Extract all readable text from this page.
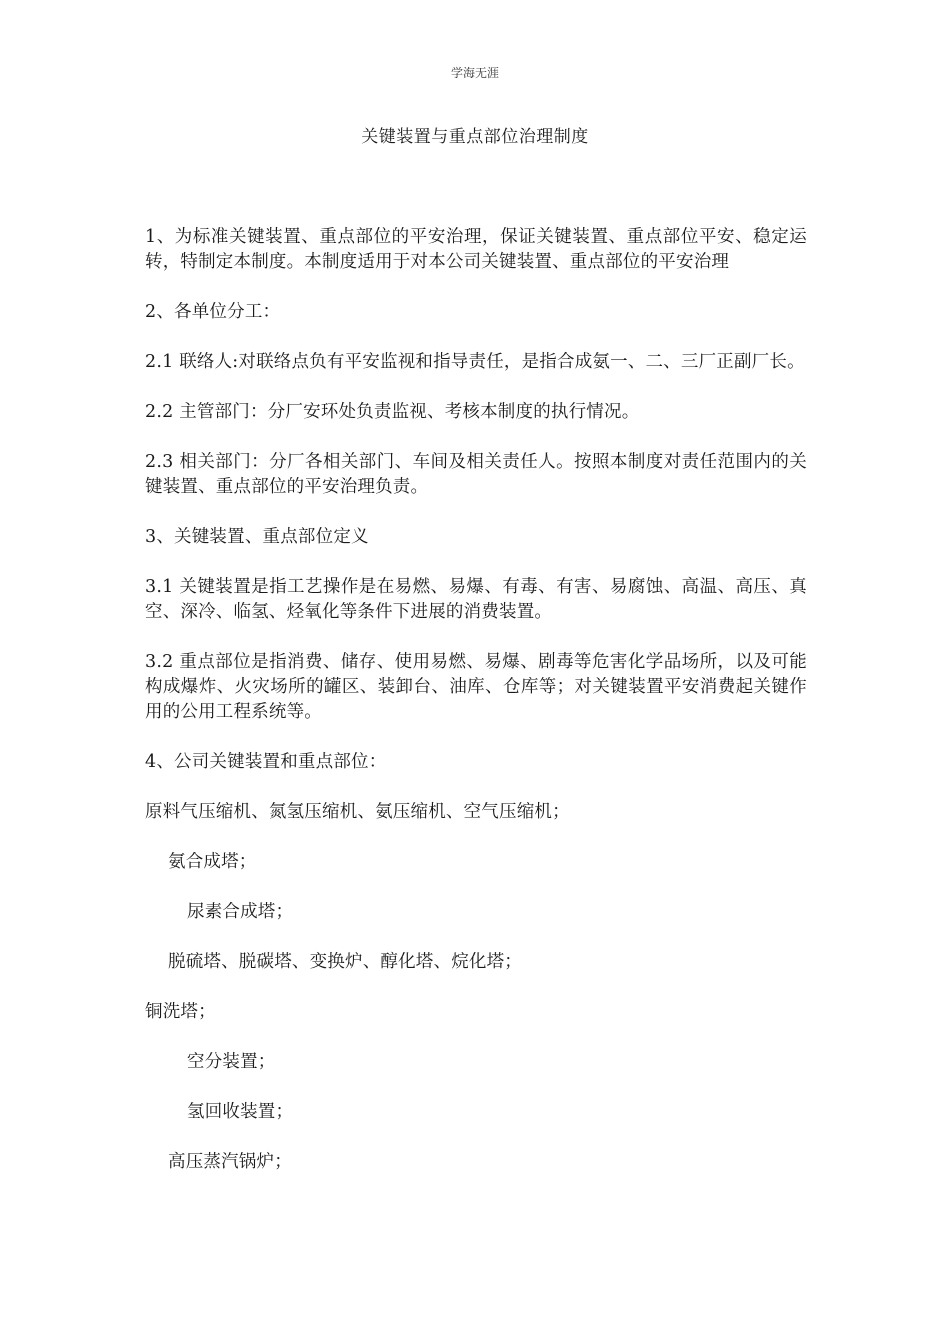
学海无涯
关键装置与重点部位治理制度

1、为标准关键装置、重点部位的平安治理，保证关键装置、重点部位平安、稳定运转，特制定本制度。本制度适用于对本公司关键装置、重点部位的平安治理

2、各单位分工：

2.1 联络人:对联络点负有平安监视和指导责任，是指合成氨一、二、三厂正副厂长。

2.2 主管部门：分厂安环处负责监视、考核本制度的执行情况。

2.3 相关部门：分厂各相关部门、车间及相关责任人。按照本制度对责任范围内的关键装置、重点部位的平安治理负责。

3、关键装置、重点部位定义

3.1 关键装置是指工艺操作是在易燃、易爆、有毒、有害、易腐蚀、高温、高压、真空、深冷、临氢、烃氧化等条件下进展的消费装置。

3.2 重点部位是指消费、储存、使用易燃、易爆、剧毒等危害化学品场所，以及可能构成爆炸、火灾场所的罐区、装卸台、油库、仓库等；对关键装置平安消费起关键作用的公用工程系统等。

4、公司关键装置和重点部位：

原料气压缩机、氮氢压缩机、氨压缩机、空气压缩机；

氨合成塔；

尿素合成塔；

脱硫塔、脱碳塔、变换炉、醇化塔、烷化塔；

铜洗塔；

空分装置；

氢回收装置；

高压蒸汽锅炉；
